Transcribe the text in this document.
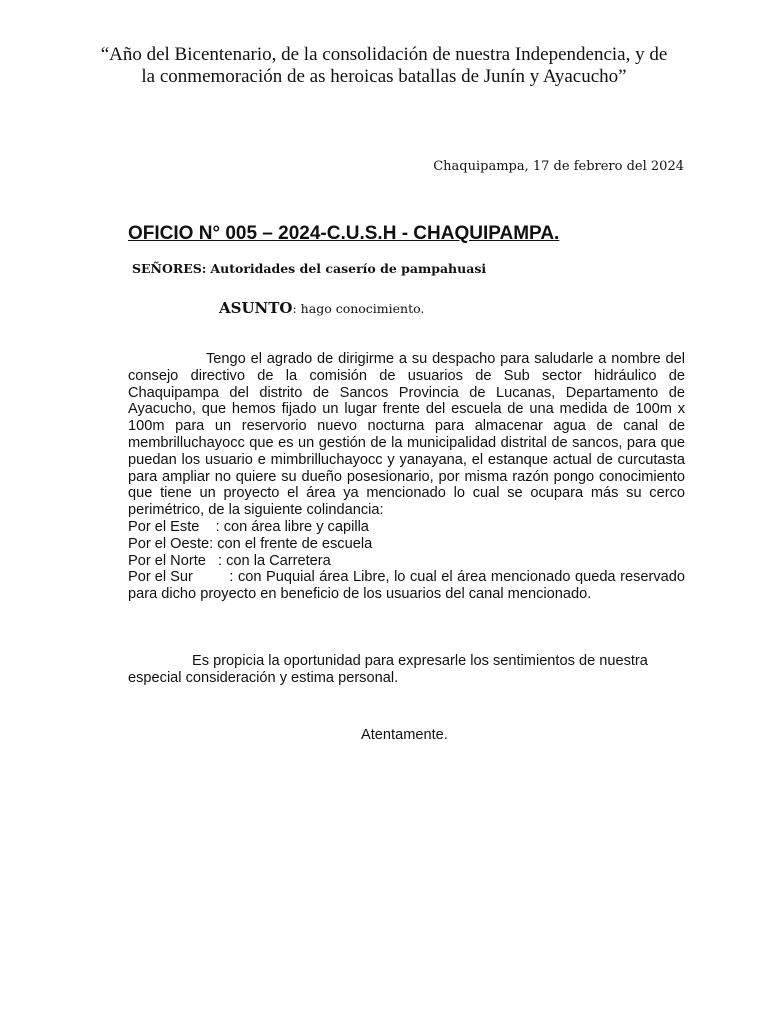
“Año del Bicentenario, de la consolidación de nuestra Independencia, y de la conmemoración de as heroicas batallas de Junín y Ayacucho”
Chaquipampa, 17 de febrero del 2024
OFICIO N° 005 – 2024-C.U.S.H - CHAQUIPAMPA.
SEÑORES: Autoridades del caserío de pampahuasi
ASUNTO: hago conocimiento.

Tengo el agrado de dirigirme a su despacho para saludarle a nombre del consejo directivo de la comisión de usuarios de Sub sector hidráulico de Chaquipampa del distrito de Sancos Provincia de Lucanas, Departamento de Ayacucho, que hemos fijado un lugar frente del escuela de una medida de 100m x 100m para un reservorio nuevo nocturna para almacenar agua de canal de membrilluchayocc que es un gestión de la municipalidad distrital de sancos, para que puedan los usuario e mimbrilluchayocc y yanayana, el estanque actual de curcutasta para ampliar no quiere su dueño posesionario, por misma razón pongo conocimiento que tiene un proyecto el área ya mencionado lo cual se ocupara más su cerco perimétrico, de la siguiente colindancia:

Por el Este    : con área libre y capilla

Por el Oeste: con el frente de escuela

Por el Norte   : con la Carretera

Por el Sur         : con Puquial área Libre, lo cual el área mencionado queda reservado para dicho proyecto en beneficio de los usuarios del canal mencionado.

Es propicia la oportunidad para expresarle los sentimientos de nuestra especial consideración y estima personal.

Atentamente.
